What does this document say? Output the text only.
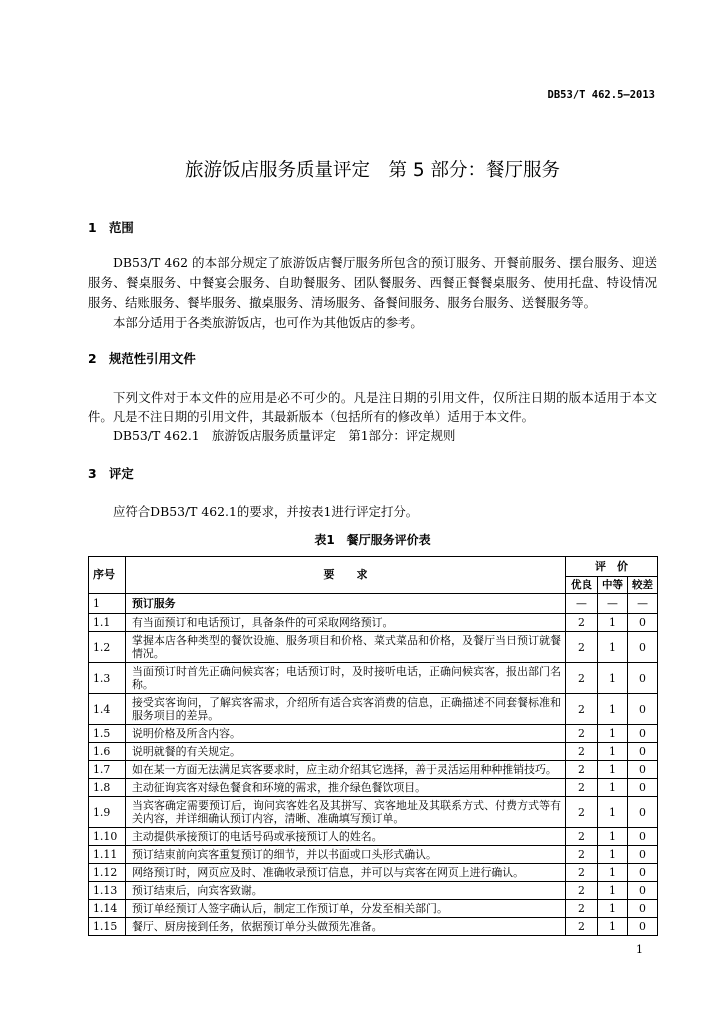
DB53/T 462.5—2013
旅游饭店服务质量评定　第 5 部分：餐厅服务
1　范围
DB53/T 462 的本部分规定了旅游饭店餐厅服务所包含的预订服务、开餐前服务、摆台服务、迎送
服务、餐桌服务、中餐宴会服务、自助餐服务、团队餐服务、西餐正餐餐桌服务、使用托盘、特设情况
服务、结账服务、餐毕服务、撤桌服务、清场服务、备餐间服务、服务台服务、送餐服务等。
本部分适用于各类旅游饭店，也可作为其他饭店的参考。
2　规范性引用文件
下列文件对于本文件的应用是必不可少的。凡是注日期的引用文件，仅所注日期的版本适用于本文
件。凡是不注日期的引用文件，其最新版本（包括所有的修改单）适用于本文件。
DB53/T 462.1　旅游饭店服务质量评定　第1部分：评定规则
3　评定
应符合DB53/T 462.1的要求，并按表1进行评定打分。
表1　餐厅服务评价表
序号	要　　求	评　价		
		优良	中等	较差
1	预订服务	—	—	—
1.1	有当面预订和电话预订，具备条件的可采取网络预订。	2	1	0
1.2	掌握本店各种类型的餐饮设施、服务项目和价格、菜式菜品和价格，及餐厅当日预订就餐
情况。	2	1	0
1.3	当面预订时首先正确问候宾客；电话预订时，及时接听电话，正确问候宾客，报出部门名
称。	2	1	0
1.4	接受宾客询问，了解宾客需求，介绍所有适合宾客消费的信息，正确描述不同套餐标准和
服务项目的差异。	2	1	0
1.5	说明价格及所含内容。	2	1	0
1.6	说明就餐的有关规定。	2	1	0
1.7	如在某一方面无法满足宾客要求时，应主动介绍其它选择，善于灵活运用种种推销技巧。	2	1	0
1.8	主动征询宾客对绿色餐食和环境的需求，推介绿色餐饮项目。	2	1	0
1.9	当宾客确定需要预订后，询问宾客姓名及其拼写、宾客地址及其联系方式、付费方式等有
关内容，并详细确认预订内容，清晰、准确填写预订单。	2	1	0
1.10	主动提供承接预订的电话号码或承接预订人的姓名。	2	1	0
1.11	预订结束前向宾客重复预订的细节，并以书面或口头形式确认。	2	1	0
1.12	网络预订时，网页应及时、准确收录预订信息，并可以与宾客在网页上进行确认。	2	1	0
1.13	预订结束后，向宾客致谢。	2	1	0
1.14	预订单经预订人签字确认后，制定工作预订单，分发至相关部门。	2	1	0
1.15	餐厅、厨房接到任务，依据预订单分头做预先准备。	2	1	0
1
